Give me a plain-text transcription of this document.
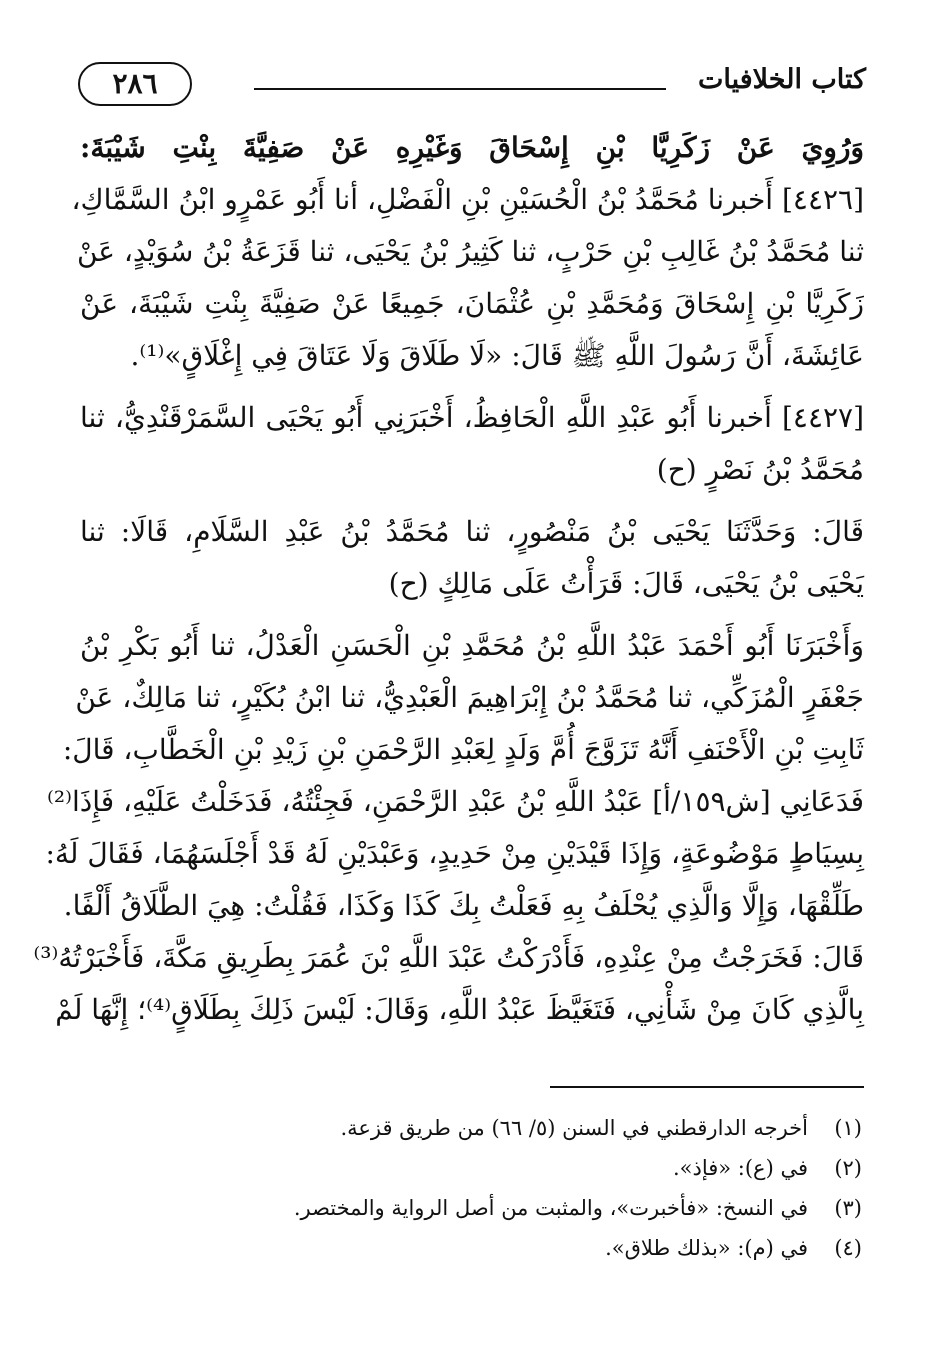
كتاب الخلافيات
٢٨٦
وَرُوِيَ عَنْ زَكَرِيَّا بْنِ إِسْحَاقَ وَغَيْرِهِ عَنْ صَفِيَّةَ بِنْتِ شَيْبَةَ:
[٤٤٢٦] أَخبرنا مُحَمَّدُ بْنُ الْحُسَيْنِ بْنِ الْفَضْلِ، أنا أَبُو عَمْرٍو ابْنُ السَّمَّاكِ،
ثنا مُحَمَّدُ بْنُ غَالِبِ بْنِ حَرْبٍ، ثنا كَثِيرُ بْنُ يَحْيَى، ثنا قَزَعَةُ بْنُ سُوَيْدٍ، عَنْ
زَكَرِيَّا بْنِ إِسْحَاقَ وَمُحَمَّدِ بْنِ عُثْمَانَ، جَمِيعًا عَنْ صَفِيَّةَ بِنْتِ شَيْبَةَ، عَنْ
عَائِشَةَ، أَنَّ رَسُولَ اللَّهِ ﷺ قَالَ: «لَا طَلَاقَ وَلَا عَتَاقَ فِي إِغْلَاقٍ»⁽¹⁾.
[٤٤٢٧] أَخبرنا أَبُو عَبْدِ اللَّهِ الْحَافِظُ، أَخْبَرَنِي أَبُو يَحْيَى السَّمَرْقَنْدِيُّ، ثنا
مُحَمَّدُ بْنُ نَصْرٍ (ح)
قَالَ: وَحَدَّثَنَا يَحْيَى بْنُ مَنْصُورٍ، ثنا مُحَمَّدُ بْنُ عَبْدِ السَّلَامِ، قَالَا: ثنا
يَحْيَى بْنُ يَحْيَى، قَالَ: قَرَأْتُ عَلَى مَالِكٍ (ح)
وَأَخْبَرَنَا أَبُو أَحْمَدَ عَبْدُ اللَّهِ بْنُ مُحَمَّدِ بْنِ الْحَسَنِ الْعَدْلُ، ثنا أَبُو بَكْرِ بْنُ
جَعْفَرٍ الْمُزَكِّي، ثنا مُحَمَّدُ بْنُ إِبْرَاهِيمَ الْعَبْدِيُّ، ثنا ابْنُ بُكَيْرٍ، ثنا مَالِكٌ، عَنْ
ثَابِتِ بْنِ الْأَحْنَفِ أَنَّهُ تَزَوَّجَ أُمَّ وَلَدٍ لِعَبْدِ الرَّحْمَنِ بْنِ زَيْدِ بْنِ الْخَطَّابِ، قَالَ:
فَدَعَانِي [ش١٥٩/أ] عَبْدُ اللَّهِ بْنُ عَبْدِ الرَّحْمَنِ، فَجِئْتُهُ، فَدَخَلْتُ عَلَيْهِ، فَإِذَا⁽²⁾
بِسِيَاطٍ مَوْضُوعَةٍ، وَإِذَا قَيْدَيْنِ مِنْ حَدِيدٍ، وَعَبْدَيْنِ لَهُ قَدْ أَجْلَسَهُمَا، فَقَالَ لَهُ:
طَلِّقْهَا، وَإِلَّا وَالَّذِي يُحْلَفُ بِهِ فَعَلْتُ بِكَ كَذَا وَكَذَا، فَقُلْتُ: هِيَ الطَّلَاقُ أَلْفًا.
قَالَ: فَخَرَجْتُ مِنْ عِنْدِهِ، فَأَدْرَكْتُ عَبْدَ اللَّهِ بْنَ عُمَرَ بِطَرِيقِ مَكَّةَ، فَأَخْبَرْتُهُ⁽³⁾
بِالَّذِي كَانَ مِنْ شَأْنِي، فَتَغَيَّظَ عَبْدُ اللَّهِ، وَقَالَ: لَيْسَ ذَلِكَ بِطَلَاقٍ⁽⁴⁾؛ إِنَّهَا لَمْ
(١)أخرجه الدارقطني في السنن (٥/ ٦٦) من طريق قزعة.
(٢)في (ع): «فإذ».
(٣)في النسخ: «فأخبرت»، والمثبت من أصل الرواية والمختصر.
(٤)في (م): «بذلك طلاق».
